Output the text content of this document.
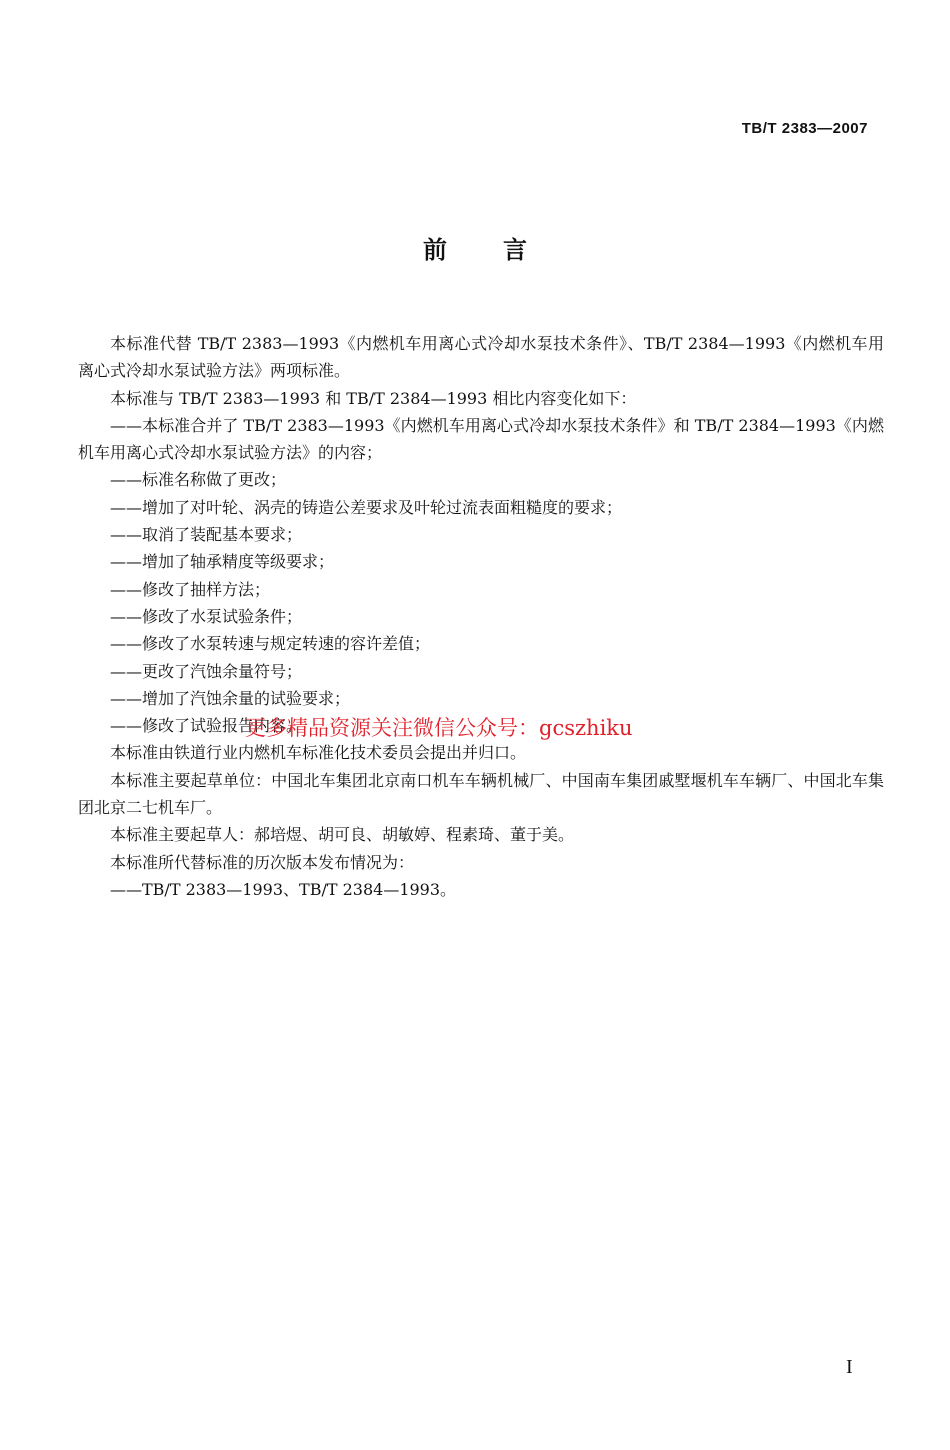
TB/T 2383—2007
前言

本标准代替 TB/T 2383—1993《内燃机车用离心式冷却水泵技术条件》、TB/T 2384—1993《内燃机车用离心式冷却水泵试验方法》两项标准。

本标准与 TB/T 2383—1993 和 TB/T 2384—1993 相比内容变化如下：

——本标准合并了 TB/T 2383—1993《内燃机车用离心式冷却水泵技术条件》和 TB/T 2384—1993《内燃机车用离心式冷却水泵试验方法》的内容；

——标准名称做了更改；

——增加了对叶轮、涡壳的铸造公差要求及叶轮过流表面粗糙度的要求；

——取消了装配基本要求；

——增加了轴承精度等级要求；

——修改了抽样方法；

——修改了水泵试验条件；

——修改了水泵转速与规定转速的容许差值；

——更改了汽蚀余量符号；

——增加了汽蚀余量的试验要求；

——修改了试验报告内容。

本标准由铁道行业内燃机车标准化技术委员会提出并归口。

本标准主要起草单位：中国北车集团北京南口机车车辆机械厂、中国南车集团戚墅堰机车车辆厂、中国北车集团北京二七机车厂。

本标准主要起草人：郝培煜、胡可良、胡敏婷、程素琦、董于美。

本标准所代替标准的历次版本发布情况为：

——TB/T 2383—1993、TB/T 2384—1993。

更多精品资源关注微信公众号：gcszhiku
I
